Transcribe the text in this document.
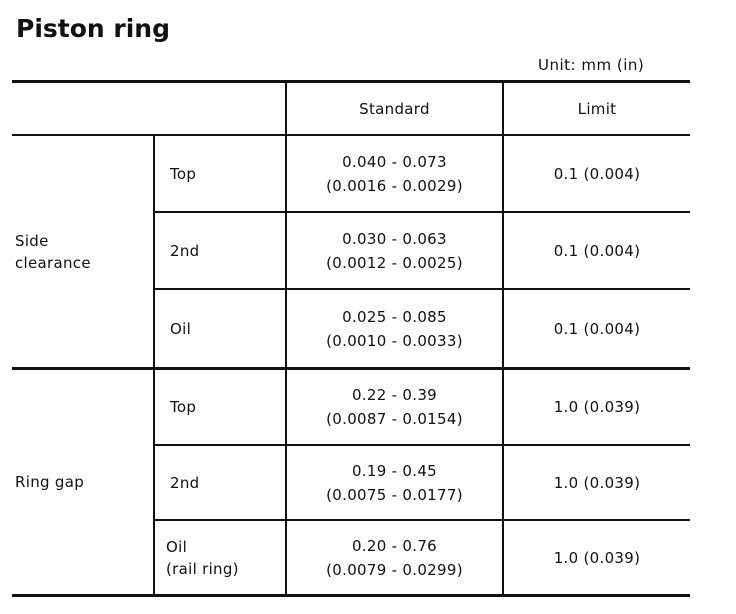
Piston ring
Unit: mm (in)
Standard	Limit
Side
clearance
Ring gap
Top
0.040 - 0.073
(0.0016 - 0.0029)
0.1 (0.004)
2nd
0.030 - 0.063
(0.0012 - 0.0025)
0.1 (0.004)
Oil
0.025 - 0.085
(0.0010 - 0.0033)
0.1 (0.004)
Top
0.22 - 0.39
(0.0087 - 0.0154)
1.0 (0.039)
2nd
0.19 - 0.45
(0.0075 - 0.0177)
1.0 (0.039)
Oil
(rail ring)
0.20 - 0.76
(0.0079 - 0.0299)
1.0 (0.039)
